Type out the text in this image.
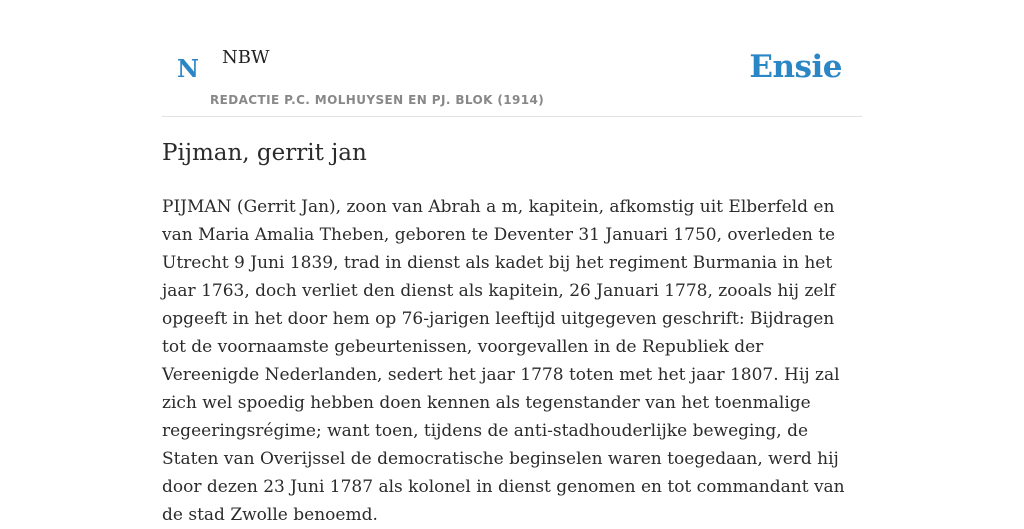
N NBW
REDACTIE P.C. MOLHUYSEN EN PJ. BLOK (1914)
Ensie
Pijman, gerrit jan

PIJMAN (Gerrit Jan), zoon van Abrah a m, kapitein, afkomstig uit Elberfeld en van Maria Amalia Theben, geboren te Deventer 31 Januari 1750, overleden te Utrecht 9 Juni 1839, trad in dienst als kadet bij het regiment Burmania in het jaar 1763, doch verliet den dienst als kapitein, 26 Januari 1778, zooals hij zelf opgeeft in het door hem op 76-jarigen leeftijd uitgegeven geschrift: Bijdragen tot de voornaamste gebeurtenissen, voorgevallen in de Republiek der Vereenigde Nederlanden, sedert het jaar 1778 toten met het jaar 1807. Hij zal zich wel spoedig hebben doen kennen als tegenstander van het toenmalige regeeringsrégime; want toen, tijdens de anti-stadhouderlijke beweging, de Staten van Overijssel de democratische beginselen waren toegedaan, werd hij door dezen 23 Juni 1787 als kolonel in dienst genomen en tot commandant van de stad Zwolle benoemd.
